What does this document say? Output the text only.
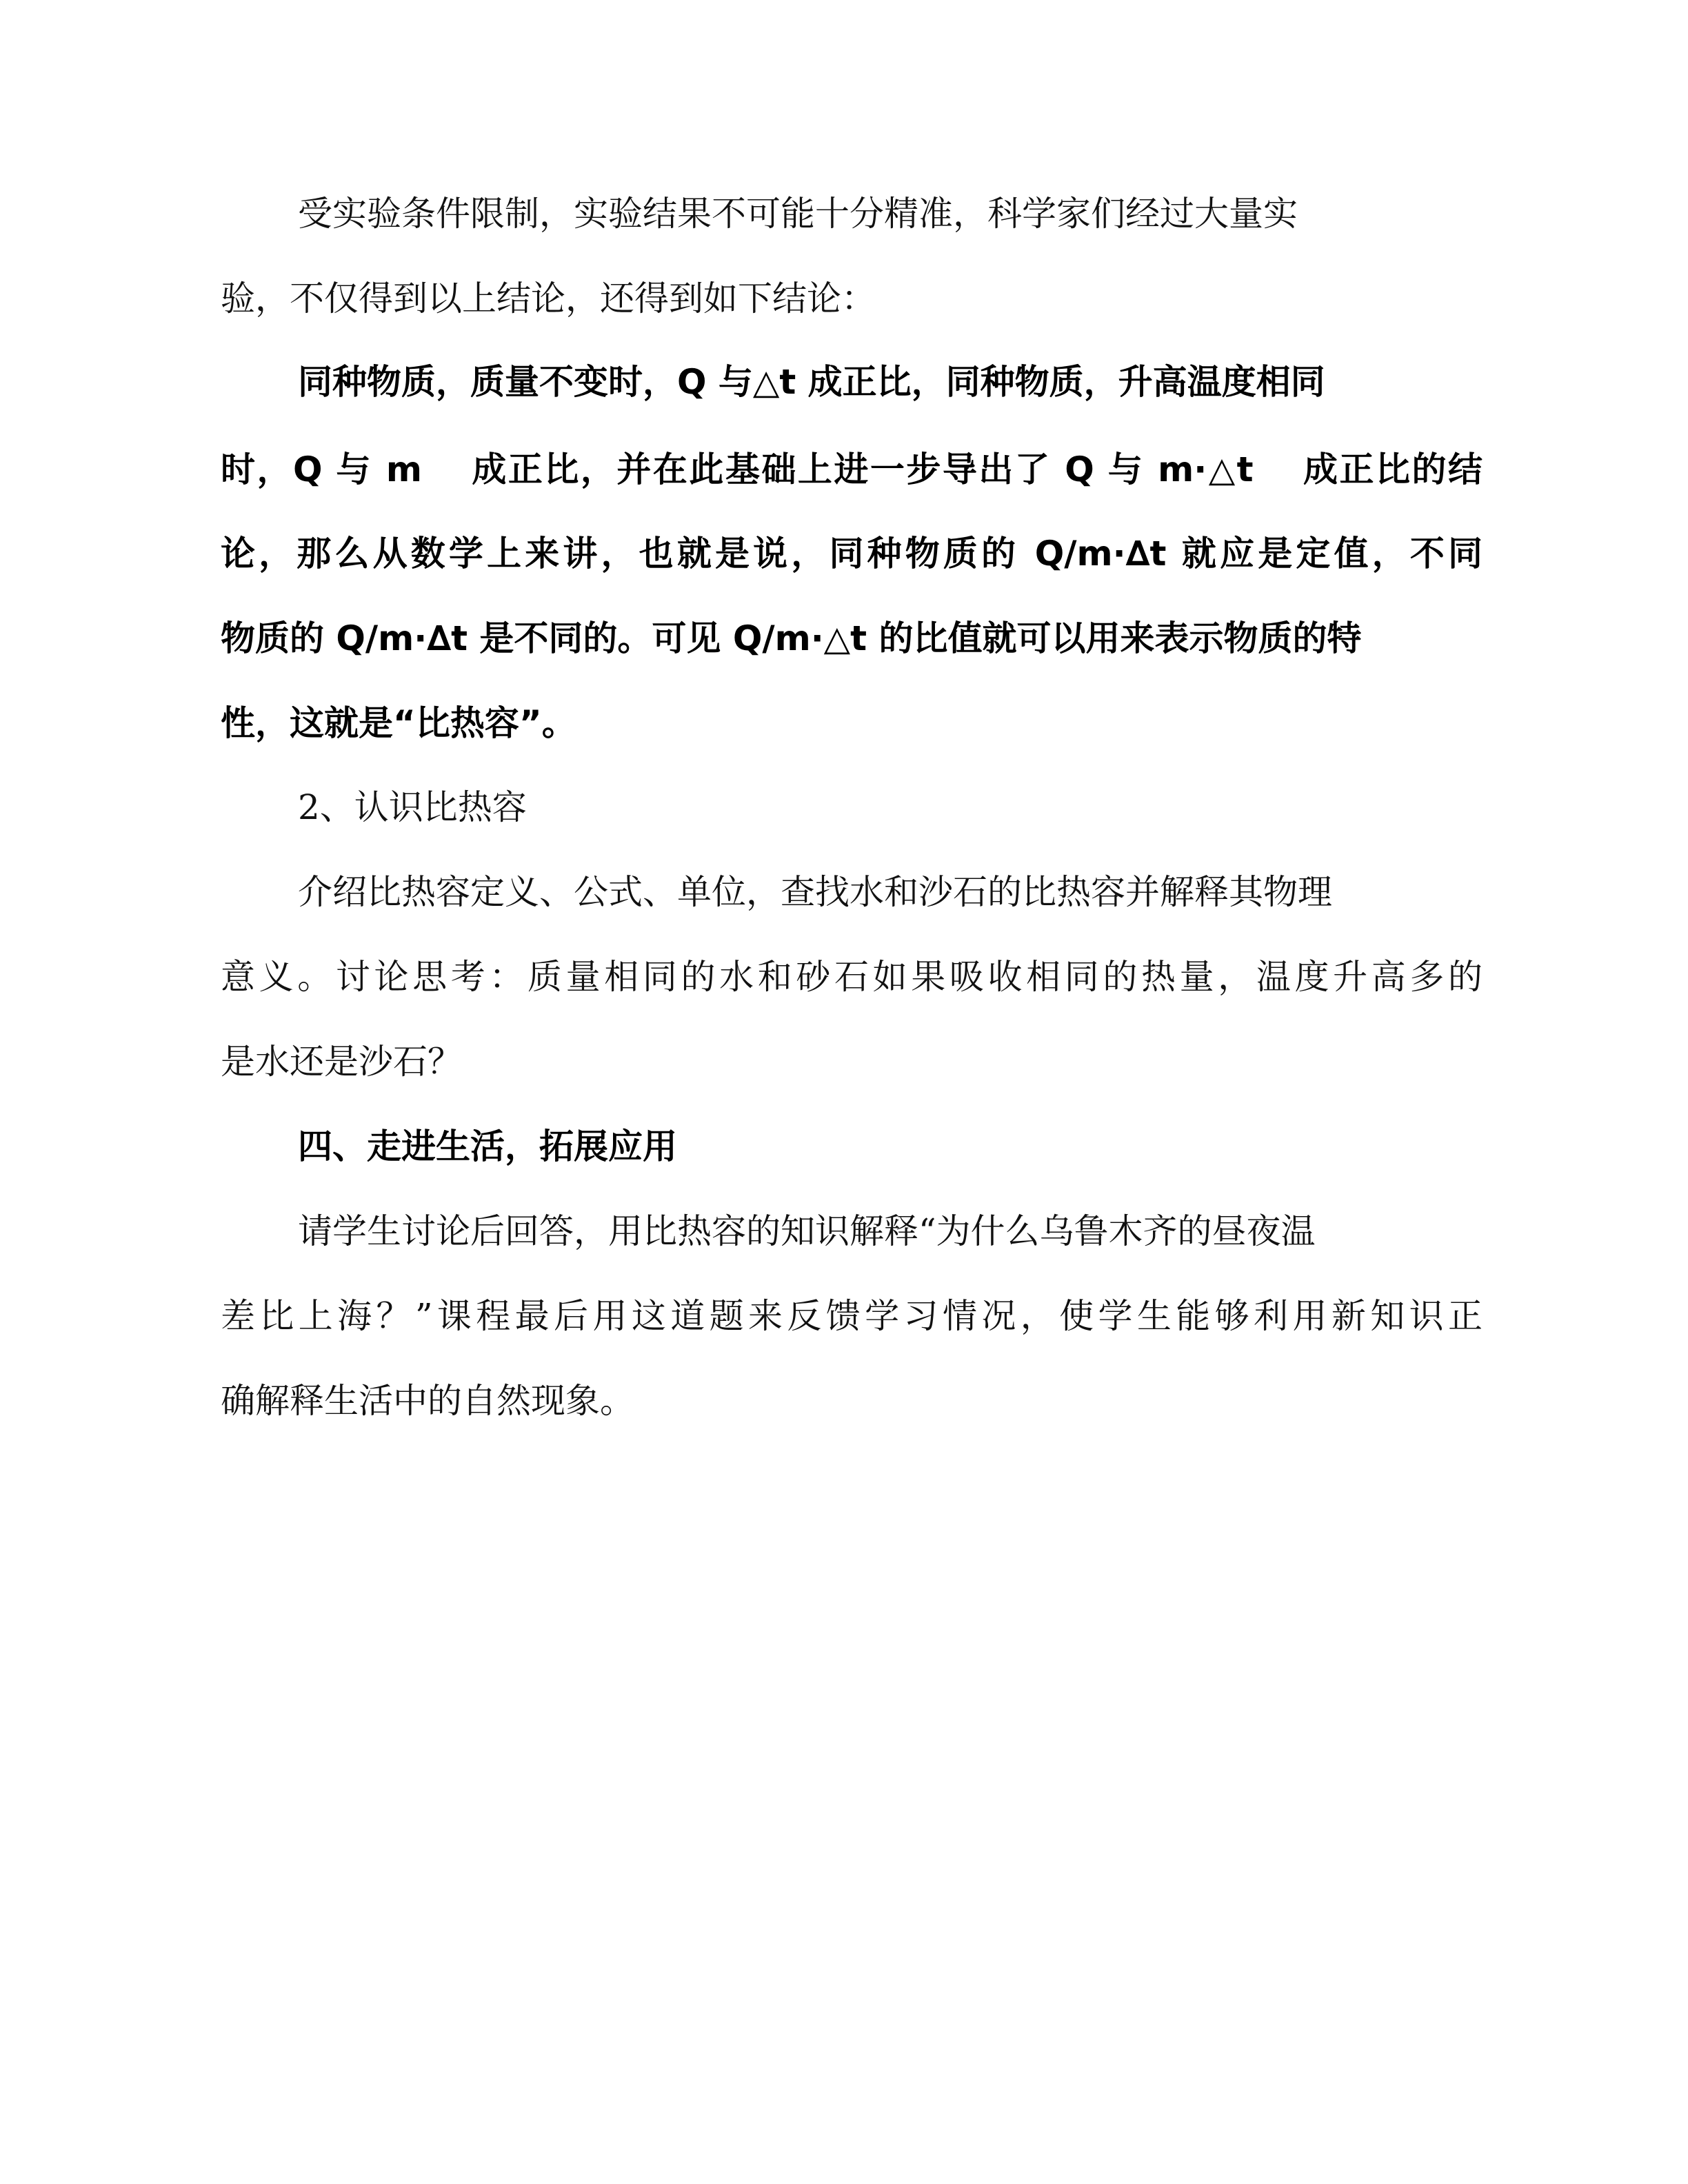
受实验条件限制，实验结果不可能十分精准，科学家们经过大量实

验，不仅得到以上结论，还得到如下结论：

同种物质，质量不变时，Q 与△t 成正比，同种物质，升高温度相同

时，Q 与 m 　成正比，并在此基础上进一步导出了 Q 与 m·△t 　成正比的结

论，那么从数学上来讲，也就是说，同种物质的 Q/m·∆t 就应是定值，不同

物质的 Q/m·∆t 是不同的。可见 Q/m·△t 的比值就可以用来表示物质的特

性，这就是“比热容”。

2、认识比热容

介绍比热容定义、公式、单位，查找水和沙石的比热容并解释其物理

意义。讨论思考：质量相同的水和砂石如果吸收相同的热量，温度升高多的

是水还是沙石？

四、走进生活，拓展应用

请学生讨论后回答，用比热容的知识解释“为什么乌鲁木齐的昼夜温

差比上海？”课程最后用这道题来反馈学习情况，使学生能够利用新知识正

确解释生活中的自然现象。
